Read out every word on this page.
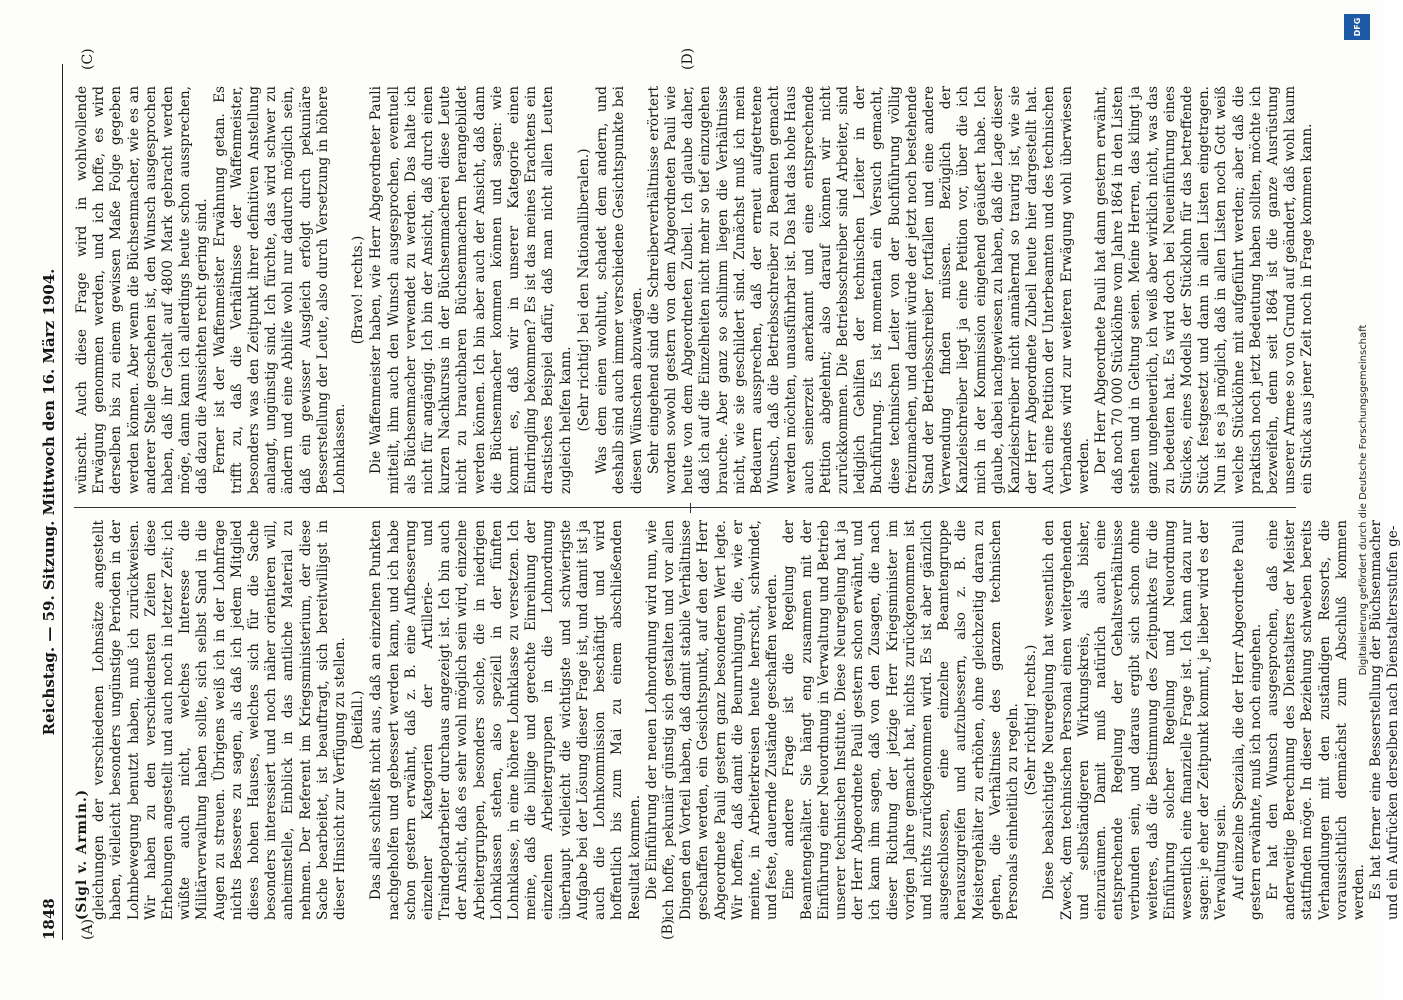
1848
Reichstag. — 59. Sitzung. Mittwoch den 16. März 1904.
(A)	(B)
(C)	(D)

(Sigl v. Armin.) gleichungen der verschiedenen Lohnsätze angestellt haben, vielleicht besonders ungünstige Perioden in der Lohnbewegung benutzt haben, muß ich zurückweisen. Wir haben zu den verschiedensten Zeiten diese Erhebungen angestellt und auch noch in letzter Zeit; ich wüßte auch nicht, welches Interesse die Militärverwaltung haben sollte, sich selbst Sand in die Augen zu streuen. Übrigens weiß ich in der Lohnfrage nichts Besseres zu sagen, als daß ich jedem Mitglied dieses hohen Hauses, welches sich für die Sache besonders interessiert und noch näher orientieren will, anheimstelle, Einblick in das amtliche Material zu nehmen. Der Referent im Kriegsministerium, der diese Sache bearbeitet, ist beauftragt, sich bereitwilligst in dieser Hinsicht zur Verfügung zu stellen. (Beifall.) Das alles schließt nicht aus, daß an einzelnen Punkten nachgeholfen und gebessert werden kann, und ich habe schon gestern erwähnt, daß z. B. eine Aufbesserung einzelner Kategorien der Artillerie- und Traindepotarbeiter durchaus angezeigt ist. Ich bin auch der Ansicht, daß es sehr wohl möglich sein wird, einzelne Arbeitergruppen, besonders solche, die in niedrigen Lohnklassen stehen, also speziell in der fünften Lohnklasse, in eine höhere Lohnklasse zu versetzen. Ich meine, daß die billige und gerechte Einreihung der einzelnen Arbeitergruppen in die Lohnordnung überhaupt vielleicht die wichtigste und schwierigste Aufgabe bei der Lösung dieser Frage ist, und damit ist ja auch die Lohnkommission beschäftigt und wird hoffentlich bis zum Mai zu einem abschließenden Resultat kommen. Die Einführung der neuen Lohnordnung wird nun, wie ich hoffe, pekuniär günstig sich gestalten und vor allen Dingen den Vorteil haben, daß damit stabile Verhältnisse geschaffen werden, ein Gesichtspunkt, auf den der Herr Abgeordnete Pauli gestern ganz besonderen Wert legte. Wir hoffen, daß damit die Beunruhigung, die, wie er meinte, in Arbeiterkreisen heute herrscht, schwindet, und feste, dauernde Zustände geschaffen werden. Eine andere Frage ist die Regelung der Beamtengehälter. Sie hängt eng zusammen mit der Einführung einer Neuordnung in Verwaltung und Betrieb unserer technischen Institute. Diese Neuregelung hat ja der Herr Abgeordnete Pauli gestern schon erwähnt, und ich kann ihm sagen, daß von den Zusagen, die nach dieser Richtung der jetzige Herr Kriegsminister im vorigen Jahre gemacht hat, nichts zurückgenommen ist und nichts zurückgenommen wird. Es ist aber gänzlich ausgeschlossen, eine einzelne Beamtengruppe herauszugreifen und aufzubessern, also z. B. die Meistergehälter zu erhöhen, ohne gleichzeitig daran zu gehen, die Verhältnisse des ganzen technischen Personals einheitlich zu regeln. (Sehr richtig! rechts.) Diese beabsichtigte Neuregelung hat wesentlich den Zweck, dem technischen Personal einen weitergehenden und selbständigeren Wirkungskreis, als bisher, einzuräumen. Damit muß natürlich auch eine entsprechende Regelung der Gehaltsverhältnisse verbunden sein, und daraus ergibt sich schon ohne weiteres, daß die Bestimmung des Zeitpunktes für die Einführung solcher Regelung und Neuordnung wesentlich eine finanzielle Frage ist. Ich kann dazu nur sagen: je eher der Zeitpunkt kommt, je lieber wird es der Verwaltung sein. Auf einzelne Spezialia, die der Herr Abgeordnete Pauli gestern erwähnte, muß ich noch eingehen. Er hat den Wunsch ausgesprochen, daß eine anderweitige Berechnung des Dienstalters der Meister stattfinden möge. In dieser Beziehung schweben bereits Verhandlungen mit den zuständigen Ressorts, die voraussichtlich demnächst zum Abschluß kommen werden. Es hat ferner eine Besserstellung der Büchsenmacher und ein Aufrücken derselben nach Dienstaltersstufen ge-

wünscht. Auch diese Frage wird in wohlwollende Erwägung genommen werden, und ich hoffe, es wird derselben bis zu einem gewissen Maße Folge gegeben werden können. Aber wenn die Büchsenmacher, wie es an anderer Stelle geschehen ist, den Wunsch ausgesprochen haben, daß ihr Gehalt auf 4800 Mark gebracht werden möge, dann kann ich allerdings heute schon aussprechen, daß dazu die Aussichten recht gering sind. Ferner ist der Waffenmeister Erwähnung getan. Es trifft zu, daß die Verhältnisse der Waffenmeister, besonders was den Zeitpunkt ihrer definitiven Anstellung anlangt, ungünstig sind. Ich fürchte, das wird schwer zu ändern und eine Abhilfe wohl nur dadurch möglich sein, daß ein gewisser Ausgleich erfolgt durch pekuniäre Besserstellung der Leute, also durch Versetzung in höhere Lohnklassen.

(Bravo! rechts.) Die Waffenmeister haben, wie Herr Abgeordneter Pauli mitteilt, ihm auch den Wunsch ausgesprochen, eventuell als Büchsenmacher verwendet zu werden. Das halte ich nicht für angängig. Ich bin der Ansicht, daß durch einen kurzen Nachkursus in der Büchsenmacherei diese Leute nicht zu brauchbaren Büchsenmachern herangebildet werden können. Ich bin aber auch der Ansicht, daß dann die Büchsenmacher kommen können und sagen: wie kommt es, daß wir in unserer Kategorie einen Eindringling bekommen? Es ist das meines Erachtens ein drastisches Beispiel dafür, daß man nicht allen Leuten zugleich helfen kann. (Sehr richtig! bei den Nationalliberalen.) Was dem einen wohltut, schadet dem andern, und deshalb sind auch immer verschiedene Gesichtspunkte bei diesen Wünschen abzuwägen. Sehr eingehend sind die Schreiberverhältnisse erörtert worden sowohl gestern von dem Abgeordneten Pauli wie heute von dem Abgeordneten Zubeil. Ich glaube daher, daß ich auf die Einzelheiten nicht mehr so tief einzugehen brauche. Aber ganz so schlimm liegen die Verhältnisse nicht, wie sie geschildert sind. Zunächst muß ich mein Bedauern aussprechen, daß der erneut aufgetretene Wunsch, daß die Betriebsschreiber zu Beamten gemacht werden möchten, unausführbar ist. Das hat das hohe Haus auch seinerzeit anerkannt und eine entsprechende Petition abgelehnt; also darauf können wir nicht zurückkommen. Die Betriebsschreiber sind Arbeiter, sind lediglich Gehilfen der technischen Leiter in der Buchführung. Es ist momentan ein Versuch gemacht, diese technischen Leiter von der Buchführung völlig freizumachen, und damit würde der jetzt noch bestehende Stand der Betriebsschreiber fortfallen und eine andere Verwendung finden müssen. Bezüglich der Kanzleischreiber liegt ja eine Petition vor, über die ich mich in der Kommission eingehend geäußert habe. Ich glaube, dabei nachgewiesen zu haben, daß die Lage dieser Kanzleischreiber nicht annähernd so traurig ist, wie sie der Herr Abgeordnete Zubeil heute hier dargestellt hat. Auch eine Petition der Unterbeamten und des technischen Verbandes wird zur weiteren Erwägung wohl überwiesen werden. Der Herr Abgeordnete Pauli hat dann gestern erwähnt, daß noch 70 000 Stücklöhne vom Jahre 1864 in den Listen stehen und in Geltung seien. Meine Herren, das klingt ja ganz ungeheuerlich, ich weiß aber wirklich nicht, was das zu bedeuten hat. Es wird doch bei Neueinführung eines Stückes, eines Modells der Stücklohn für das betreffende Stück festgesetzt und dann in allen Listen eingetragen. Nun ist es ja möglich, daß in allen Listen noch Gott weiß welche Stücklöhne mit aufgeführt werden; aber daß die praktisch noch jetzt Bedeutung haben sollten, möchte ich bezweifeln, denn seit 1864 ist die ganze Ausrüstung unserer Armee so von Grund auf geändert, daß wohl kaum ein Stück aus jener Zeit noch in Frage kommen kann.

Digitalisierung gefördert durch die Deutsche Forschungsgemeinschaft
DFG
